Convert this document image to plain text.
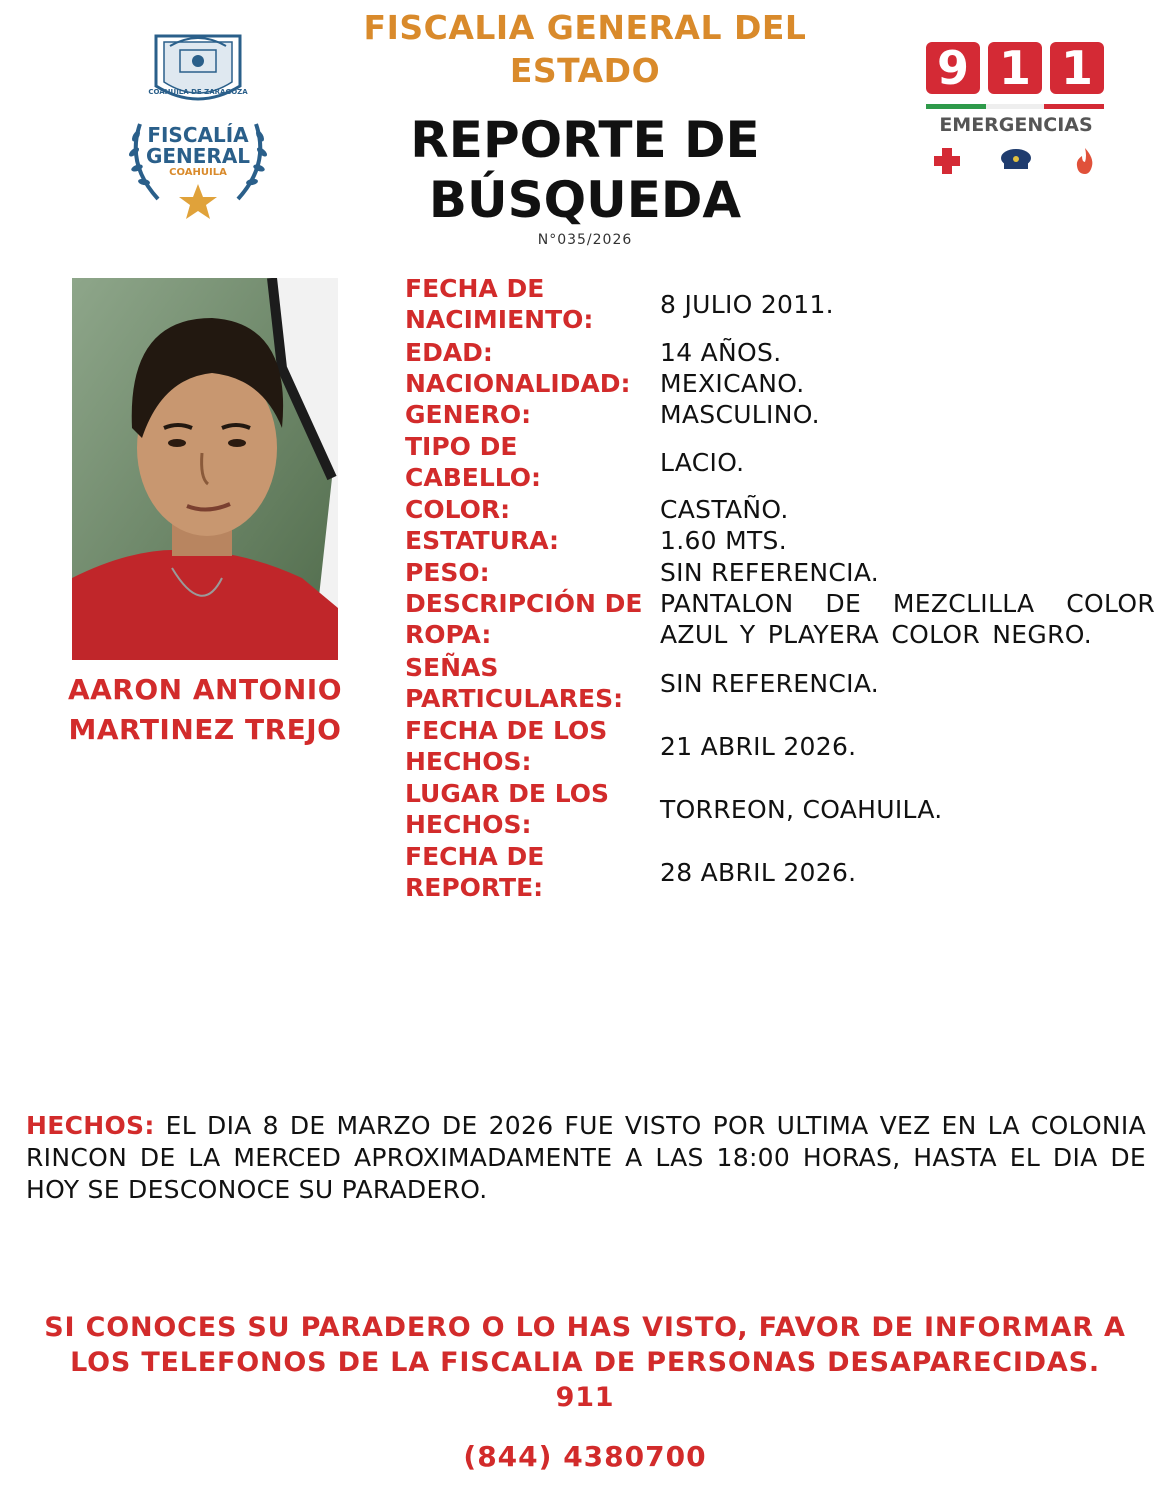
FISCALIA GENERAL DEL
ESTADO
REPORTE DE
BÚSQUEDA
N°035/2026
COAHUILA DE ZARAGOZA
FISCALÍA
GENERAL
COAHUILA
9 1 1
EMERGENCIAS
AARON ANTONIO
MARTINEZ TREJO
FECHA DE NACIMIENTO:
8 JULIO 2011.
EDAD:	14 AÑOS.
NACIONALIDAD:	MEXICANO.
GENERO:	MASCULINO.
TIPO DE CABELLO:
LACIO.
COLOR:	CASTAÑO.
ESTATURA:	1.60 MTS.
PESO:	SIN REFERENCIA.
DESCRIPCIÓN DE ROPA:
PANTALON DE MEZCLILLA COLOR AZUL Y PLAYERA COLOR NEGRO.
SEÑAS PARTICULARES:
SIN REFERENCIA.
FECHA DE LOS HECHOS:
21 ABRIL 2026.
LUGAR DE LOS HECHOS:
TORREON, COAHUILA.
FECHA DE REPORTE:
28 ABRIL 2026.
HECHOS: EL DIA 8 DE MARZO DE 2026 FUE VISTO POR ULTIMA VEZ EN LA COLONIA RINCON DE LA MERCED APROXIMADAMENTE A LAS 18:00 HORAS, HASTA EL DIA DE HOY SE DESCONOCE SU PARADERO.
SI CONOCES SU PARADERO O LO HAS VISTO, FAVOR DE INFORMAR A
LOS TELEFONOS DE LA FISCALIA DE PERSONAS DESAPARECIDAS.
911
(844) 4380700
